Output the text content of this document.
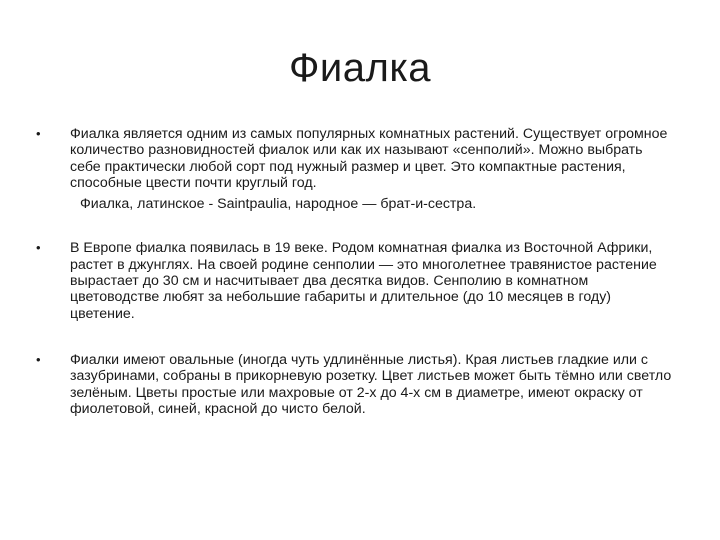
Фиалка
• Фиалка является одним из самых популярных комнатных растений. Существует огромное количество разновидностей фиалок или как их называют «сенполий». Можно выбрать себе практически любой сорт под нужный размер и цвет. Это компактные растения, способные цвести почти круглый год.
Фиалка, латинское - Saintpaulia, народное — брат-и-сестра.
• В Европе фиалка появилась в 19 веке. Родом комнатная фиалка из Восточной Африки, растет в джунглях. На своей родине сенполии — это многолетнее травянистое растение вырастает до 30 см и насчитывает два десятка видов. Сенполию в комнатном цветоводстве любят за небольшие габариты и длительное (до 10 месяцев в году) цветение.
• Фиалки имеют овальные (иногда чуть удлинённые листья). Края листьев гладкие или с зазубринами, собраны в прикорневую розетку. Цвет листьев может быть тёмно или светло зелёным. Цветы простые или махровые от 2-х до 4-х см в диаметре, имеют окраску от фиолетовой, синей, красной до чисто белой.
